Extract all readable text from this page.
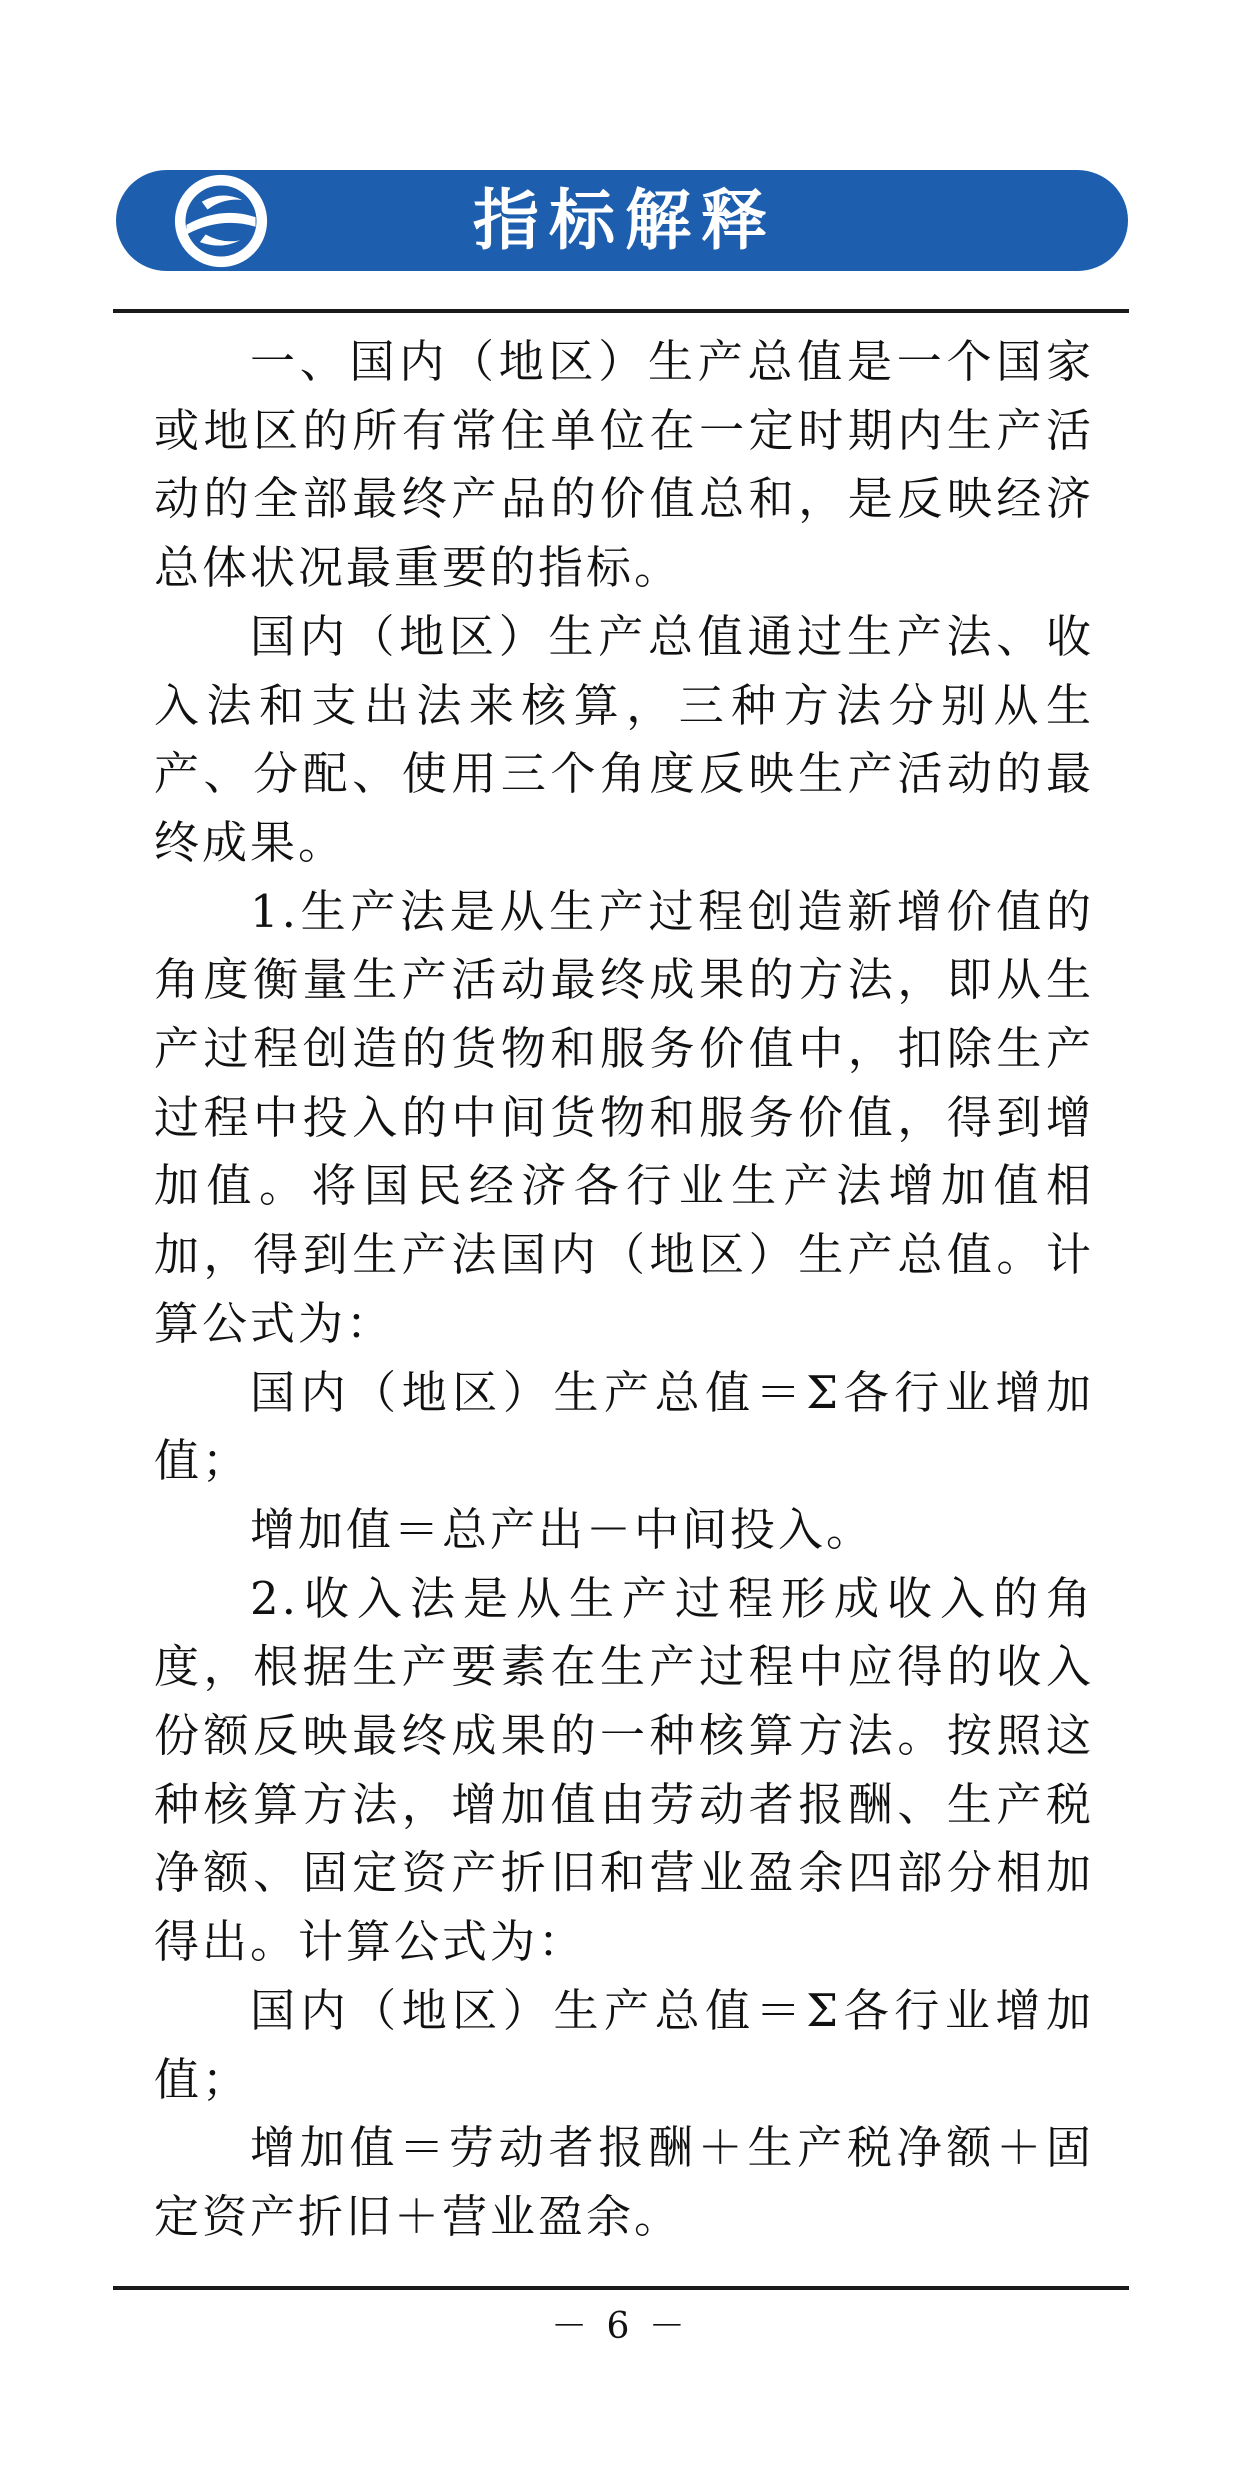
指标解释

一、国内（地区）生产总值是一个国家或地区的所有常住单位在一定时期内生产活动的全部最终产品的价值总和，是反映经济总体状况最重要的指标。

国内（地区）生产总值通过生产法、收入法和支出法来核算，三种方法分别从生产、分配、使用三个角度反映生产活动的最终成果。

1.生产法是从生产过程创造新增价值的角度衡量生产活动最终成果的方法，即从生产过程创造的货物和服务价值中，扣除生产过程中投入的中间货物和服务价值，得到增加值。将国民经济各行业生产法增加值相加，得到生产法国内（地区）生产总值。计算公式为：

国内（地区）生产总值＝Σ各行业增加值；

增加值＝总产出－中间投入。

2.收入法是从生产过程形成收入的角度，根据生产要素在生产过程中应得的收入份额反映最终成果的一种核算方法。按照这种核算方法，增加值由劳动者报酬、生产税净额、固定资产折旧和营业盈余四部分相加得出。计算公式为：

国内（地区）生产总值＝Σ各行业增加值；

增加值＝劳动者报酬＋生产税净额＋固定资产折旧＋营业盈余。

－ 6 －
